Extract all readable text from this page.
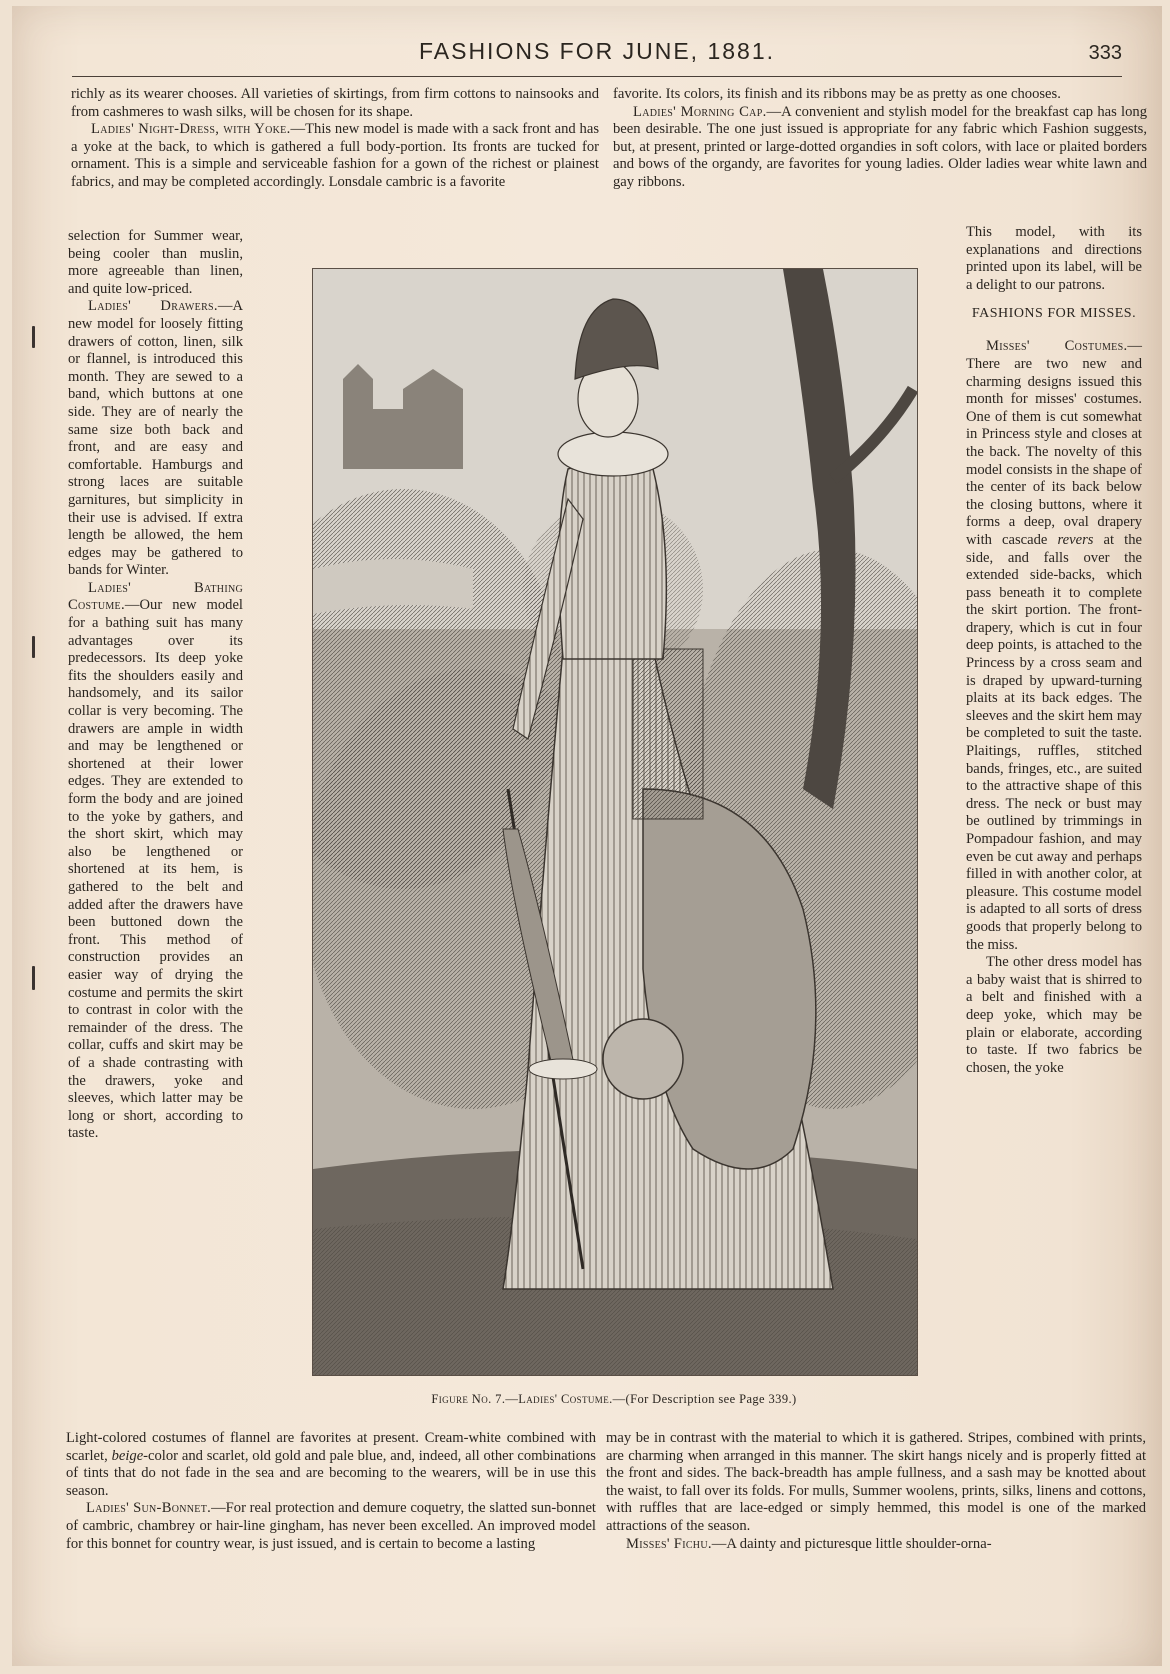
FASHIONS FOR JUNE, 1881.	333

richly as its wearer chooses. All varieties of skirtings, from firm cottons to nainsooks and from cashmeres to wash silks, will be chosen for its shape.

Ladies' Night-Dress, with Yoke.—This new model is made with a sack front and has a yoke at the back, to which is gathered a full body-portion. Its fronts are tucked for ornament. This is a simple and serviceable fashion for a gown of the richest or plainest fabrics, and may be completed accordingly. Lonsdale cambric is a favorite

selection for Summer wear, being cooler than muslin, more agreeable than linen, and quite low-priced.

Ladies' Drawers.—A new model for loosely fitting drawers of cotton, linen, silk or flannel, is introduced this month. They are sewed to a band, which buttons at one side. They are of nearly the same size both back and front, and are easy and comfortable. Hamburgs and strong laces are suitable garnitures, but simplicity in their use is advised. If extra length be allowed, the hem edges may be gathered to bands for Winter.

Ladies' Bathing Costume.—Our new model for a bathing suit has many advantages over its predecessors. Its deep yoke fits the shoulders easily and handsomely, and its sailor collar is very becoming. The drawers are ample in width and may be lengthened or shortened at their lower edges. They are extended to form the body and are joined to the yoke by gathers, and the short skirt, which may also be lengthened or shortened at its hem, is gathered to the belt and added after the drawers have been buttoned down the front. This method of construction provides an easier way of drying the costume and permits the skirt to contrast in color with the remainder of the dress. The collar, cuffs and skirt may be of a shade contrasting with the drawers, yoke and sleeves, which latter may be long or short, according to taste.

Light-colored costumes of flannel are favorites at present. Cream-white combined with scarlet, beige-color and scarlet, old gold and pale blue, and, indeed, all other combinations of tints that do not fade in the sea and are becoming to the wearers, will be in use this season.

Ladies' Sun-Bonnet.—For real protection and demure coquetry, the slatted sun-bonnet of cambric, chambrey or hair-line gingham, has never been excelled. An improved model for this bonnet for country wear, is just issued, and is certain to become a lasting

favorite. Its colors, its finish and its ribbons may be as pretty as one chooses.

Ladies' Morning Cap.—A convenient and stylish model for the breakfast cap has long been desirable. The one just issued is appropriate for any fabric which Fashion suggests, but, at present, printed or large-dotted organdies in soft colors, with lace or plaited borders and bows of the organdy, are favorites for young ladies. Older ladies wear white lawn and gay ribbons.

This model, with its explanations and directions printed upon its label, will be a delight to our patrons.

FASHIONS FOR MISSES.

Misses' Costumes.—There are two new and charming designs issued this month for misses' costumes. One of them is cut somewhat in Princess style and closes at the back. The novelty of this model consists in the shape of the center of its back below the closing buttons, where it forms a deep, oval drapery with cascade revers at the side, and falls over the extended side-backs, which pass beneath it to complete the skirt portion. The front-drapery, which is cut in four deep points, is attached to the Princess by a cross seam and is draped by upward-turning plaits at its back edges. The sleeves and the skirt hem may be completed to suit the taste. Plaitings, ruffles, stitched bands, fringes, etc., are suited to the attractive shape of this dress. The neck or bust may be outlined by trimmings in Pompadour fashion, and may even be cut away and perhaps filled in with another color, at pleasure. This costume model is adapted to all sorts of dress goods that properly belong to the miss.

The other dress model has a baby waist that is shirred to a belt and finished with a deep yoke, which may be plain or elaborate, according to taste. If two fabrics be chosen, the yoke

may be in contrast with the material to which it is gathered. Stripes, combined with prints, are charming when arranged in this manner. The skirt hangs nicely and is properly fitted at the front and sides. The back-breadth has ample fullness, and a sash may be knotted about the waist, to fall over its folds. For mulls, Summer woolens, prints, silks, linens and cottons, with ruffles that are lace-edged or simply hemmed, this model is one of the marked attractions of the season.

Misses' Fichu.—A dainty and picturesque little shoulder-orna-

Figure No. 7.—Ladies' Costume.—(For Description see Page 339.)
